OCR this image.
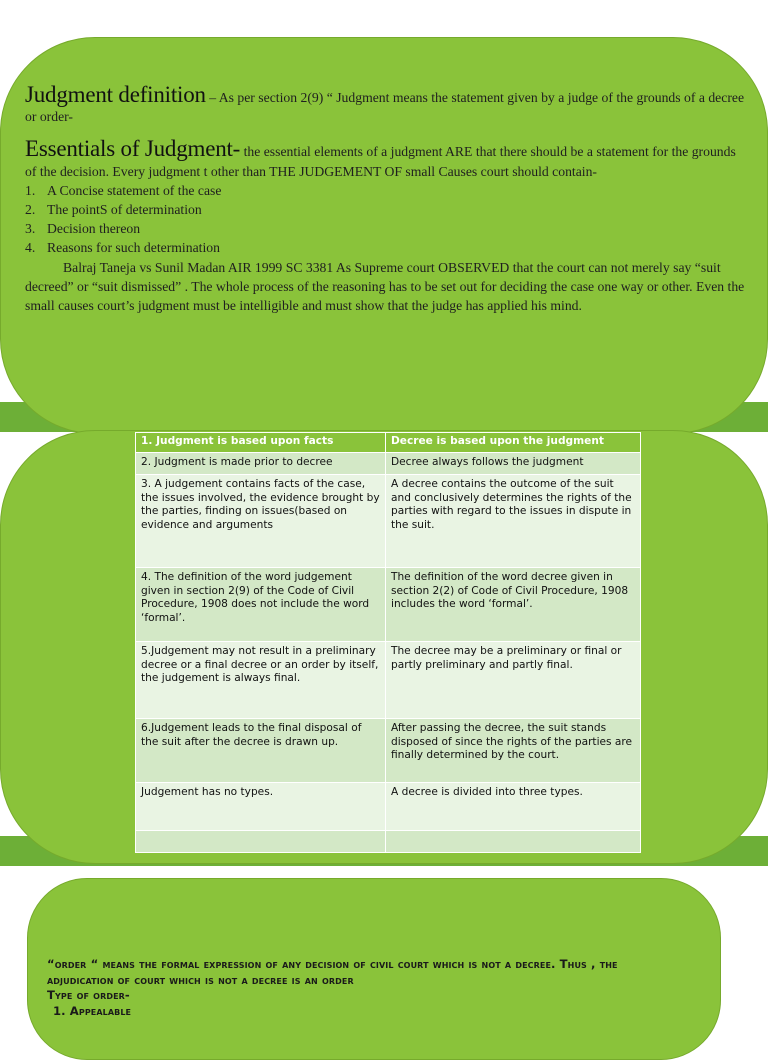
Judgment definition – As per section 2(9) “ Judgment means the statement given by a judge of the grounds of a decree or order-

Essentials of Judgment- the essential elements of a judgment ARE that there should be a statement for the grounds of the decision. Every judgment t other than THE JUDGEMENT OF small Causes court should contain-

1. A Concise statement of the case
2. The pointS of determination
3. Decision thereon
4. Reasons for such determination

Balraj Taneja vs Sunil Madan AIR 1999 SC 3381 As Supreme court OBSERVED that the court can not merely say “suit decreed” or “suit dismissed” . The whole process of the reasoning has to be set out for deciding the case one way or other. Even the small causes court’s judgment must be intelligible and must show that the judge has applied his mind.

1. Judgment is based upon facts	Decree is based upon the judgment
2. Judgment is made prior to decree	Decree always follows the judgment
3. A judgement contains facts of the case, the issues involved, the evidence brought by the parties, finding on issues(based on evidence and arguments	A decree contains the outcome of the suit and conclusively determines the rights of the parties with regard to the issues in dispute in the suit.
4. The definition of the word judgement given in section 2(9) of the Code of Civil Procedure, 1908 does not include the word ‘formal’.	The definition of the word decree given in section 2(2) of Code of Civil Procedure, 1908 includes the word ‘formal’.
5.Judgement may not result in a preliminary decree or a final decree or an order by itself, the judgement is always final.	The decree may be a preliminary or final or partly preliminary and partly final.
6.Judgement leads to the final disposal of the suit after the decree is drawn up.	After passing the decree, the suit stands disposed of since the rights of the parties are finally determined by the court.
Judgement has no types.	A decree is divided into three types.

“order “ means the formal expression of any decision of civil court which is not a decree. Thus , the adjudication of court which is not a decree is an order

Type of order-

1. Appealable
